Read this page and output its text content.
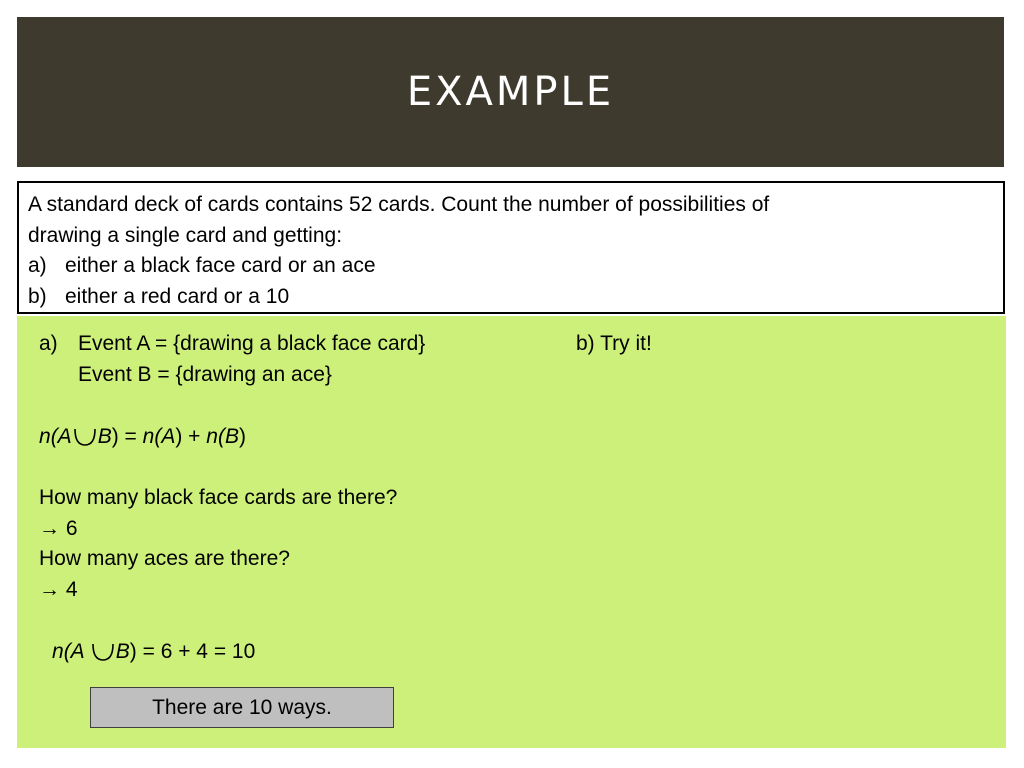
EXAMPLE
A standard deck of cards contains 52 cards. Count the number of possibilities of
drawing a single card and getting:
a) either a black face card or an ace
b) either a red card or a 10
a) Event A = {drawing a black face card}
Event B = {drawing an ace}
b) Try it!
n(A B) = n(A) + n(B)
How many black face cards are there?
→ 6
How many aces are there?
→ 4
n(A
B) = 6 + 4 = 10
There are 10 ways.
